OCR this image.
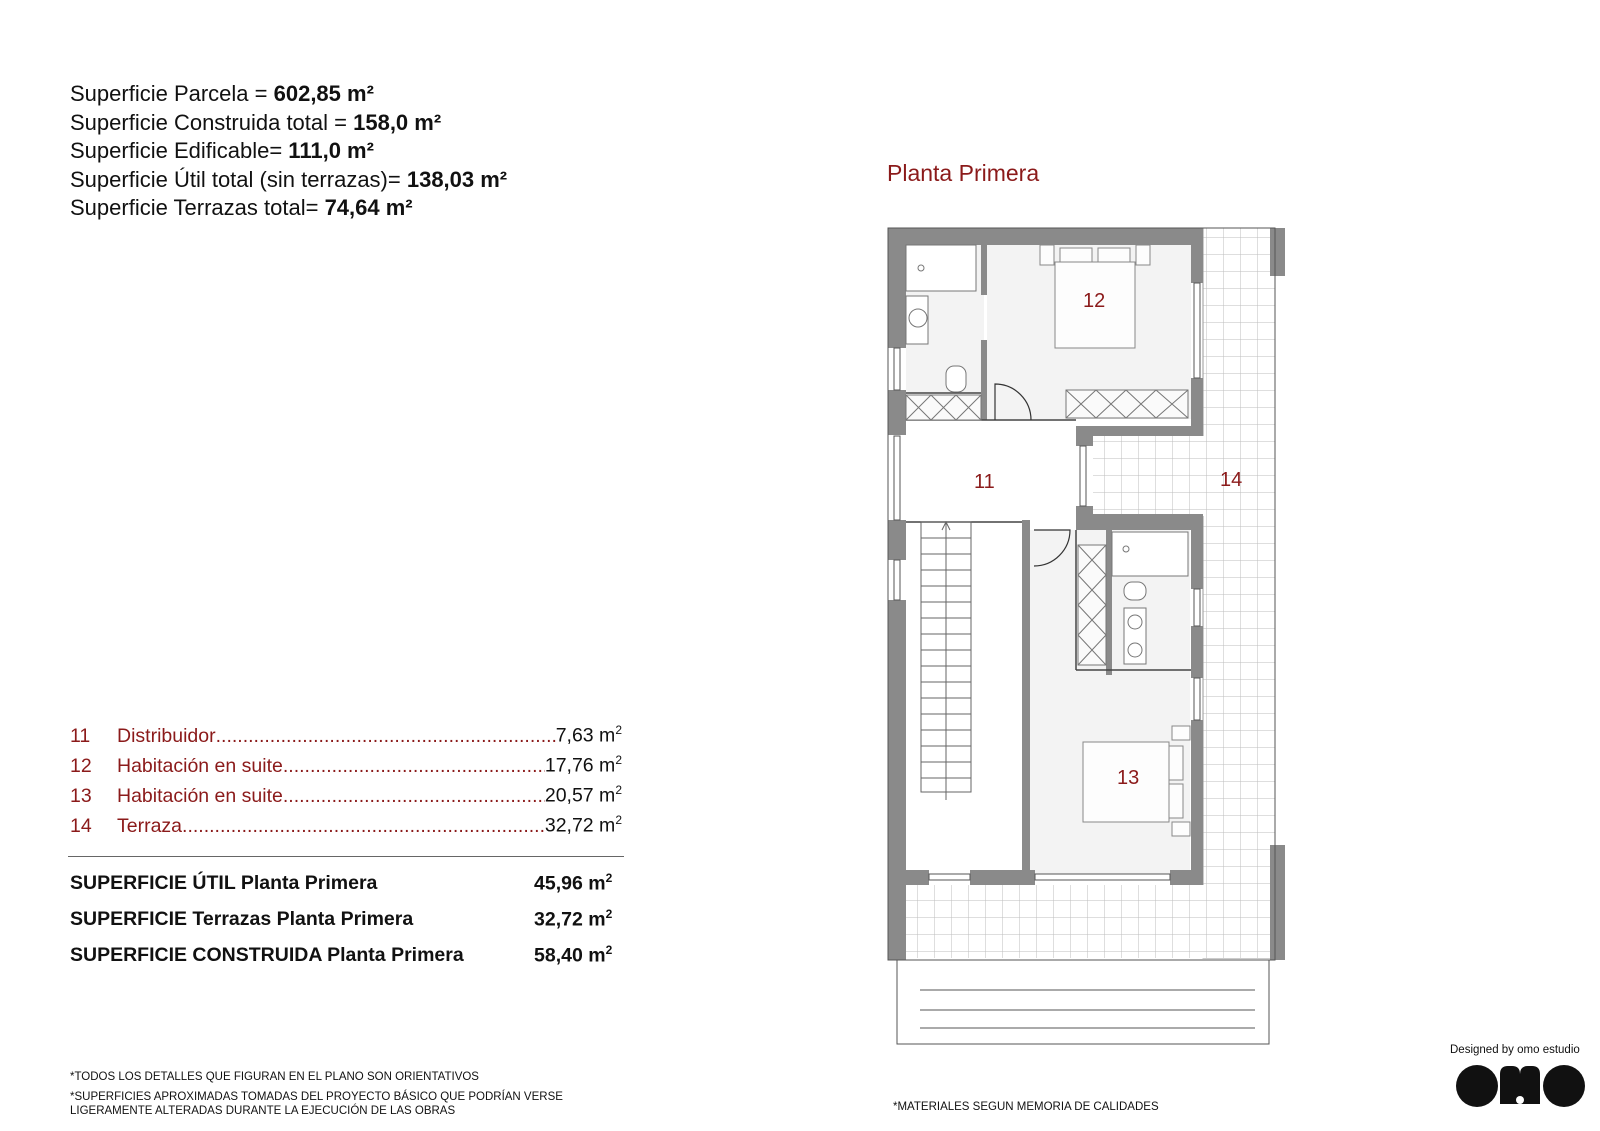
Superficie Parcela = 602,85 m²
Superficie Construida total = 158,0 m²
Superficie Edificable= 111,0 m²
Superficie Útil total (sin terrazas)= 138,03 m²
Superficie Terrazas total= 74,64 m²
Planta Primera
11	Distribuidor .....	7,63 $m^2$
12	Habitación en suite .....	17,76 $m^2$
13	Habitación en suite .....	20,57 $m^2$
14	Terraza .....	32,72 $m^2$
SUPERFICIE ÚTIL Planta Primera	45,96 $m^2$
SUPERFICIE Terrazas Planta Primera	32,72 $m^2$
SUPERFICIE CONSTRUIDA Planta Primera	58,40 $m^2$
11
12
13
14
*TODOS LOS DETALLES QUE FIGURAN EN EL PLANO SON ORIENTATIVOS
*SUPERFICIES APROXIMADAS TOMADAS DEL PROYECTO BÁSICO QUE PODRÍAN VERSE LIGERAMENTE ALTERADAS DURANTE LA EJECUCIÓN DE LAS OBRAS	*MATERIALES SEGUN MEMORIA DE CALIDADES
Designed by omo estudio
